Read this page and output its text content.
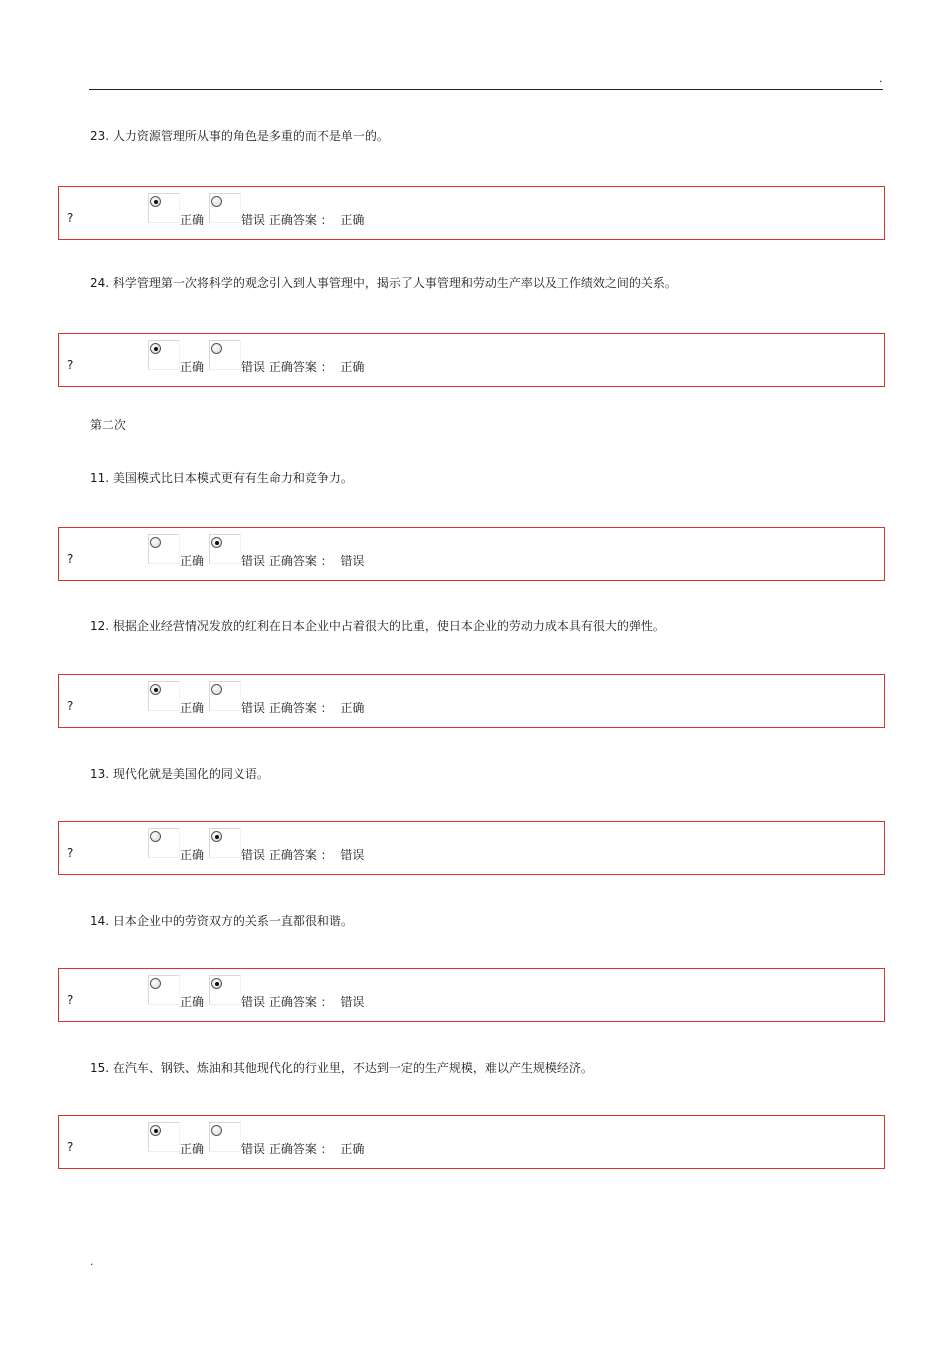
.
23. 人力资源管理所从事的角色是多重的而不是单一的。
?	正确	错误 正确答案 ： 正确
24. 科学管理第一次将科学的观念引入到人事管理中，揭示了人事管理和劳动生产率以及工作绩效之间的关系。
?	正确	错误 正确答案 ： 正确
第二次
11. 美国模式比日本模式更有有生命力和竞争力。
?	正确	错误 正确答案 ： 错误
12. 根据企业经营情况发放的红利在日本企业中占着很大的比重，使日本企业的劳动力成本具有很大的弹性。
?	正确	错误 正确答案 ： 正确
13. 现代化就是美国化的同义语。
?	正确	错误 正确答案 ： 错误
14. 日本企业中的劳资双方的关系一直都很和谐。
?	正确	错误 正确答案 ： 错误
15. 在汽车、钢铁、炼油和其他现代化的行业里，不达到一定的生产规模，难以产生规模经济。
?	正确	错误 正确答案 ： 正确
.
